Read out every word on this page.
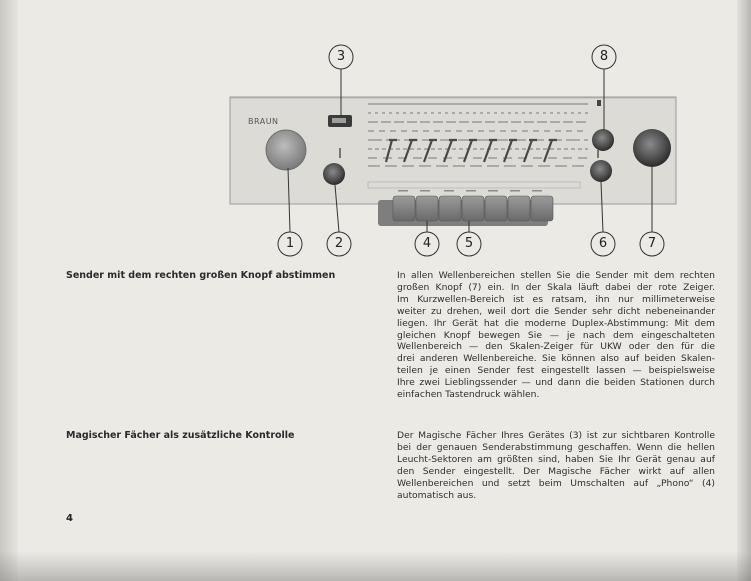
BRAUN
3	8
1	2	4	5	6	7
Sender mit dem rechten großen Knopf abstimmen	In allen Wellenbereichen stellen Sie die Sender mit dem rechten
großen Knopf (7) ein. In der Skala läuft dabei der rote Zeiger.
Im Kurzwellen-Bereich ist es ratsam, ihn nur millimeterweise
weiter zu drehen, weil dort die Sender sehr dicht nebeneinander
liegen. Ihr Gerät hat die moderne Duplex-Abstimmung: Mit dem
gleichen Knopf bewegen Sie — je nach dem eingeschalteten
Wellenbereich — den Skalen-Zeiger für UKW oder den für die
drei anderen Wellenbereiche. Sie können also auf beiden Skalen-
teilen je einen Sender fest eingestellt lassen — beispielsweise
Ihre zwei Lieblingssender — und dann die beiden Stationen durch
einfachen Tastendruck wählen.
Magischer Fächer als zusätzliche Kontrolle	Der Magische Fächer Ihres Gerätes (3) ist zur sichtbaren Kontrolle
bei der genauen Senderabstimmung geschaffen. Wenn die hellen
Leucht-Sektoren am größten sind, haben Sie Ihr Gerät genau auf
den Sender eingestellt. Der Magische Fächer wirkt auf allen
Wellenbereichen und setzt beim Umschalten auf „Phono“ (4)
automatisch aus.
4
